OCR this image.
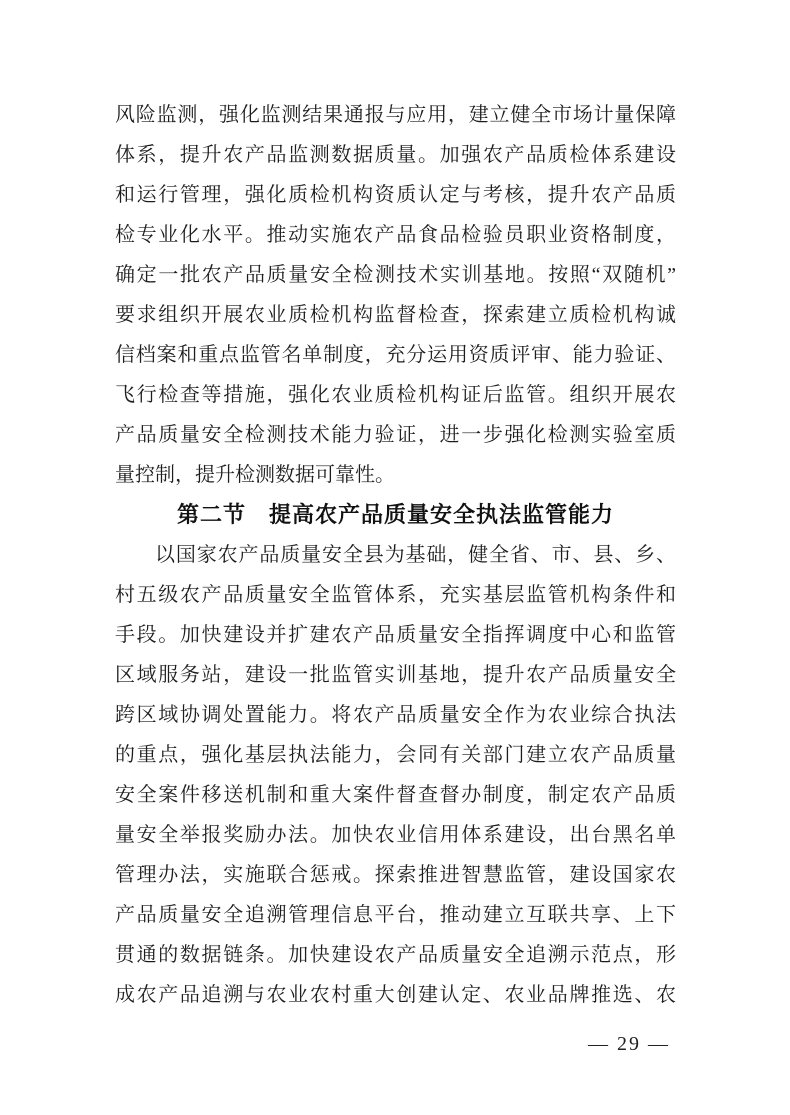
风险监测，强化监测结果通报与应用，建立健全市场计量保障
体系，提升农产品监测数据质量。加强农产品质检体系建设
和运行管理，强化质检机构资质认定与考核，提升农产品质
检专业化水平。推动实施农产品食品检验员职业资格制度，
确定一批农产品质量安全检测技术实训基地。按照“双随机”
要求组织开展农业质检机构监督检查，探索建立质检机构诚
信档案和重点监管名单制度，充分运用资质评审、能力验证、
飞行检查等措施，强化农业质检机构证后监管。组织开展农
产品质量安全检测技术能力验证，进一步强化检测实验室质
量控制，提升检测数据可靠性。
第二节　提高农产品质量安全执法监管能力
以国家农产品质量安全县为基础，健全省、市、县、乡、
村五级农产品质量安全监管体系，充实基层监管机构条件和
手段。加快建设并扩建农产品质量安全指挥调度中心和监管
区域服务站，建设一批监管实训基地，提升农产品质量安全
跨区域协调处置能力。将农产品质量安全作为农业综合执法
的重点，强化基层执法能力，会同有关部门建立农产品质量
安全案件移送机制和重大案件督查督办制度，制定农产品质
量安全举报奖励办法。加快农业信用体系建设，出台黑名单
管理办法，实施联合惩戒。探索推进智慧监管，建设国家农
产品质量安全追溯管理信息平台，推动建立互联共享、上下
贯通的数据链条。加快建设农产品质量安全追溯示范点，形
成农产品追溯与农业农村重大创建认定、农业品牌推选、农
— 29 —
